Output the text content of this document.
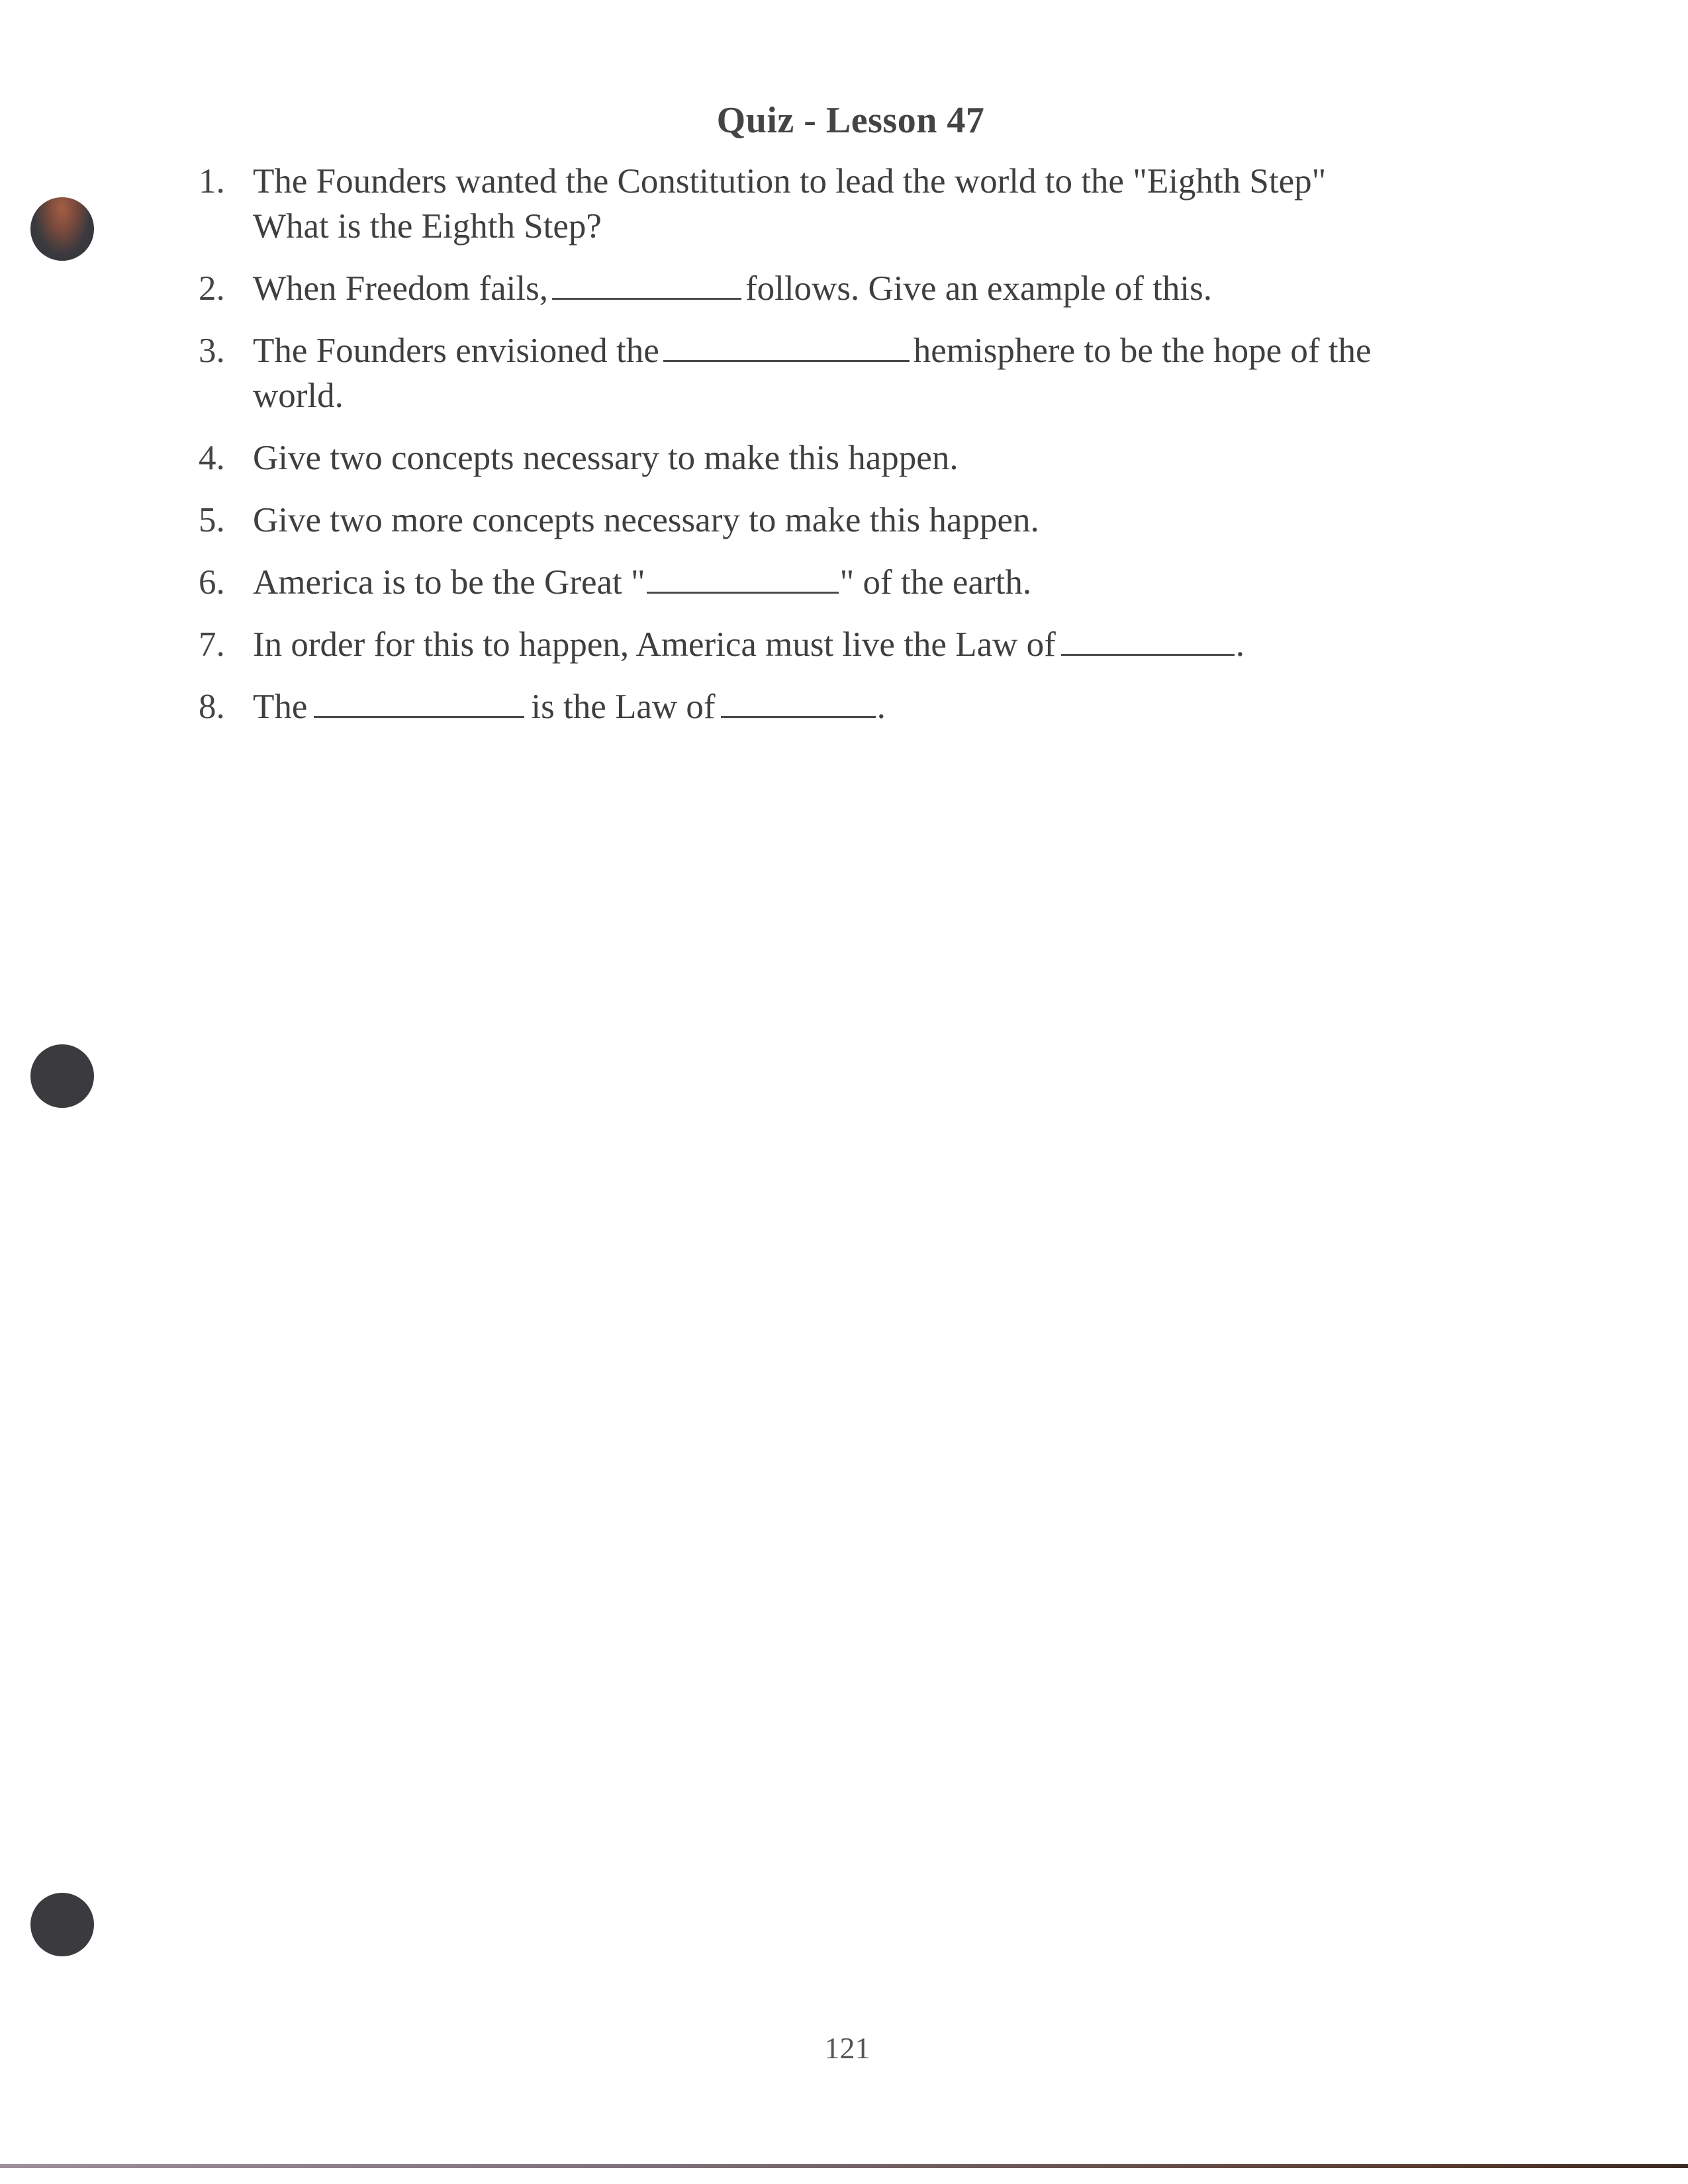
Quiz - Lesson 47
1. The Founders wanted the Constitution to lead the world to the "Eighth Step"
What is the Eighth Step?
2. When Freedom fails,	follows. Give an example of this.
3. The Founders envisioned the	hemisphere to be the hope of the
world.
4. Give two concepts necessary to make this happen.
5. Give two more concepts necessary to make this happen.
6. America is to be the Great "	" of the earth.
7. In order for this to happen, America must live the Law of	.
8. The	is the Law of	.
121
